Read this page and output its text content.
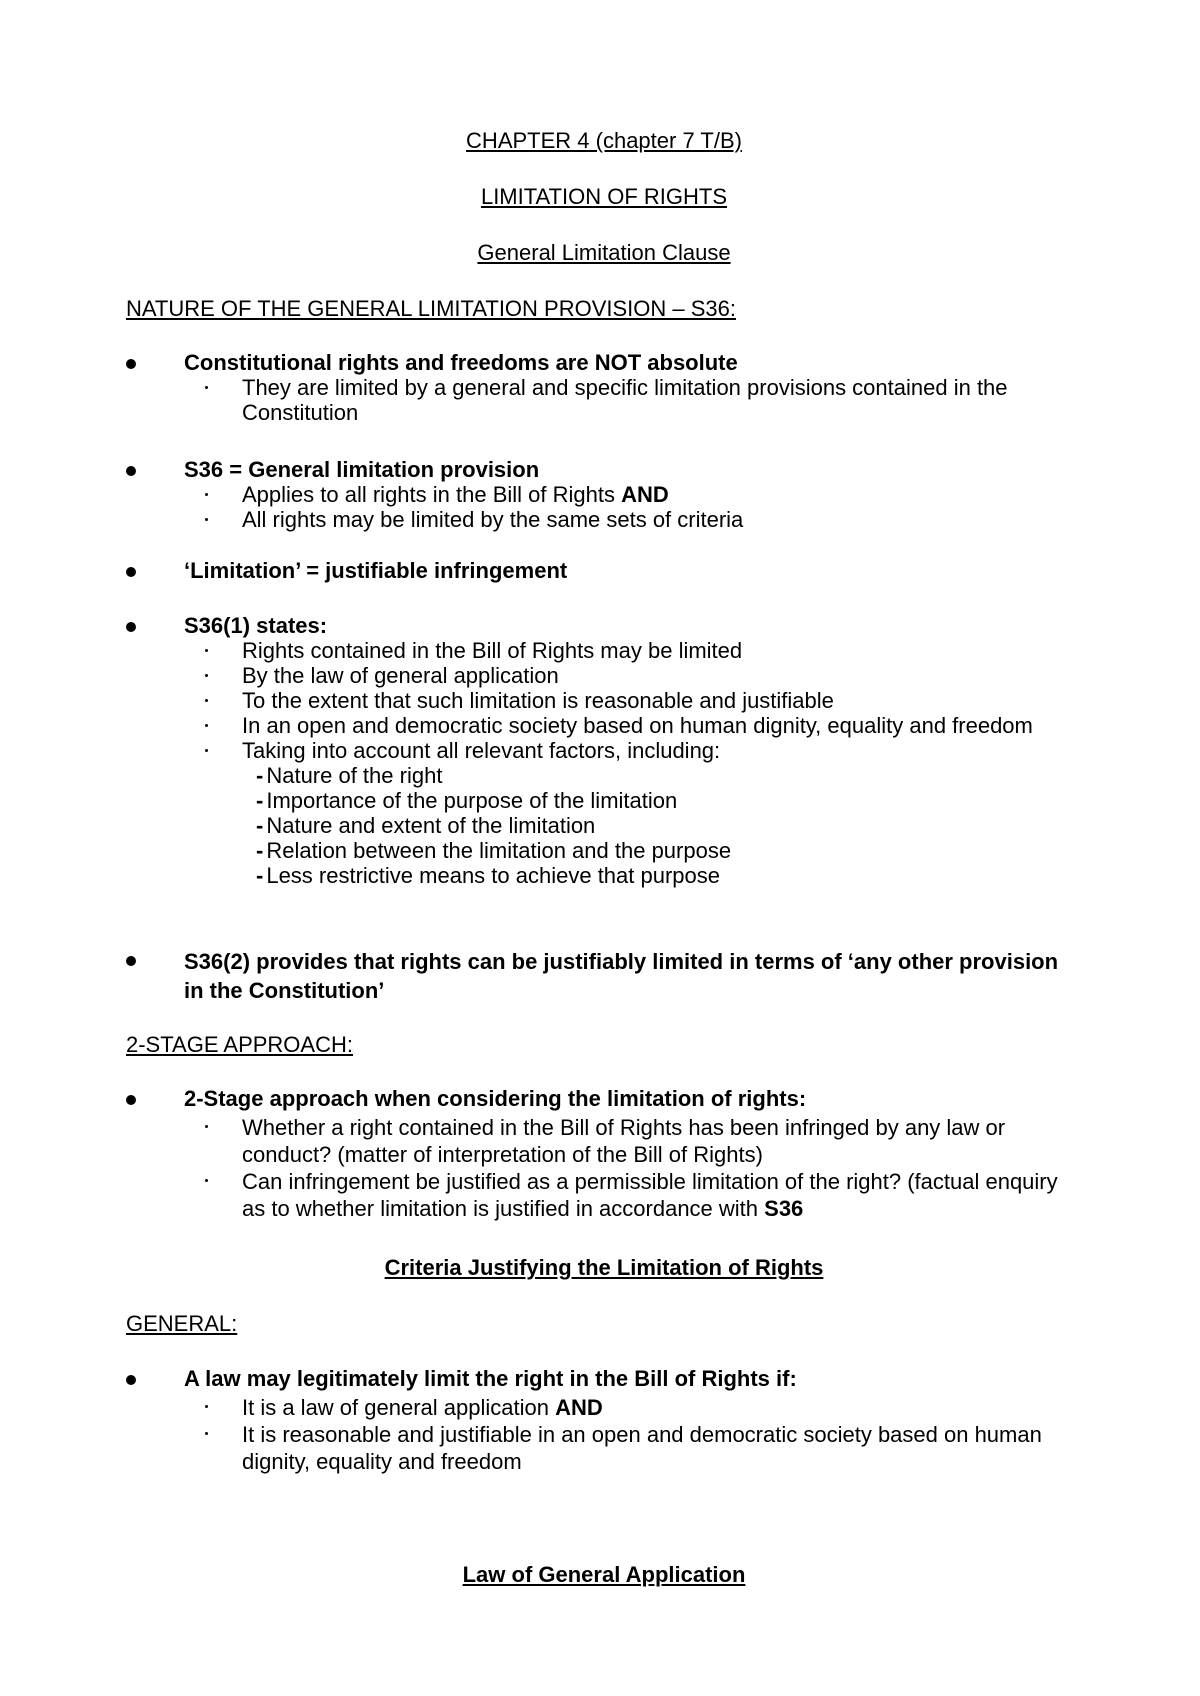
CHAPTER 4 (chapter 7 T/B)
LIMITATION OF RIGHTS
General Limitation Clause
NATURE OF THE GENERAL LIMITATION PROVISION – S36:
Constitutional rights and freedoms are NOT absolute
They are limited by a general and specific limitation provisions contained in the Constitution
S36 = General limitation provision
Applies to all rights in the Bill of Rights AND
All rights may be limited by the same sets of criteria
‘Limitation’ = justifiable infringement
S36(1) states:
Rights contained in the Bill of Rights may be limited
By the law of general application
To the extent that such limitation is reasonable and justifiable
In an open and democratic society based on human dignity, equality and freedom
Taking into account all relevant factors, including:
- Nature of the right
- Importance of the purpose of the limitation
- Nature and extent of the limitation
- Relation between the limitation and the purpose
- Less restrictive means to achieve that purpose
S36(2) provides that rights can be justifiably limited in terms of ‘any other provision in the Constitution’
2-STAGE APPROACH:
2-Stage approach when considering the limitation of rights:
Whether a right contained in the Bill of Rights has been infringed by any law or conduct? (matter of interpretation of the Bill of Rights)
Can infringement be justified as a permissible limitation of the right? (factual enquiry as to whether limitation is justified in accordance with S36
Criteria Justifying the Limitation of Rights
GENERAL:
A law may legitimately limit the right in the Bill of Rights if:
It is a law of general application AND
It is reasonable and justifiable in an open and democratic society based on human dignity, equality and freedom
Law of General Application
